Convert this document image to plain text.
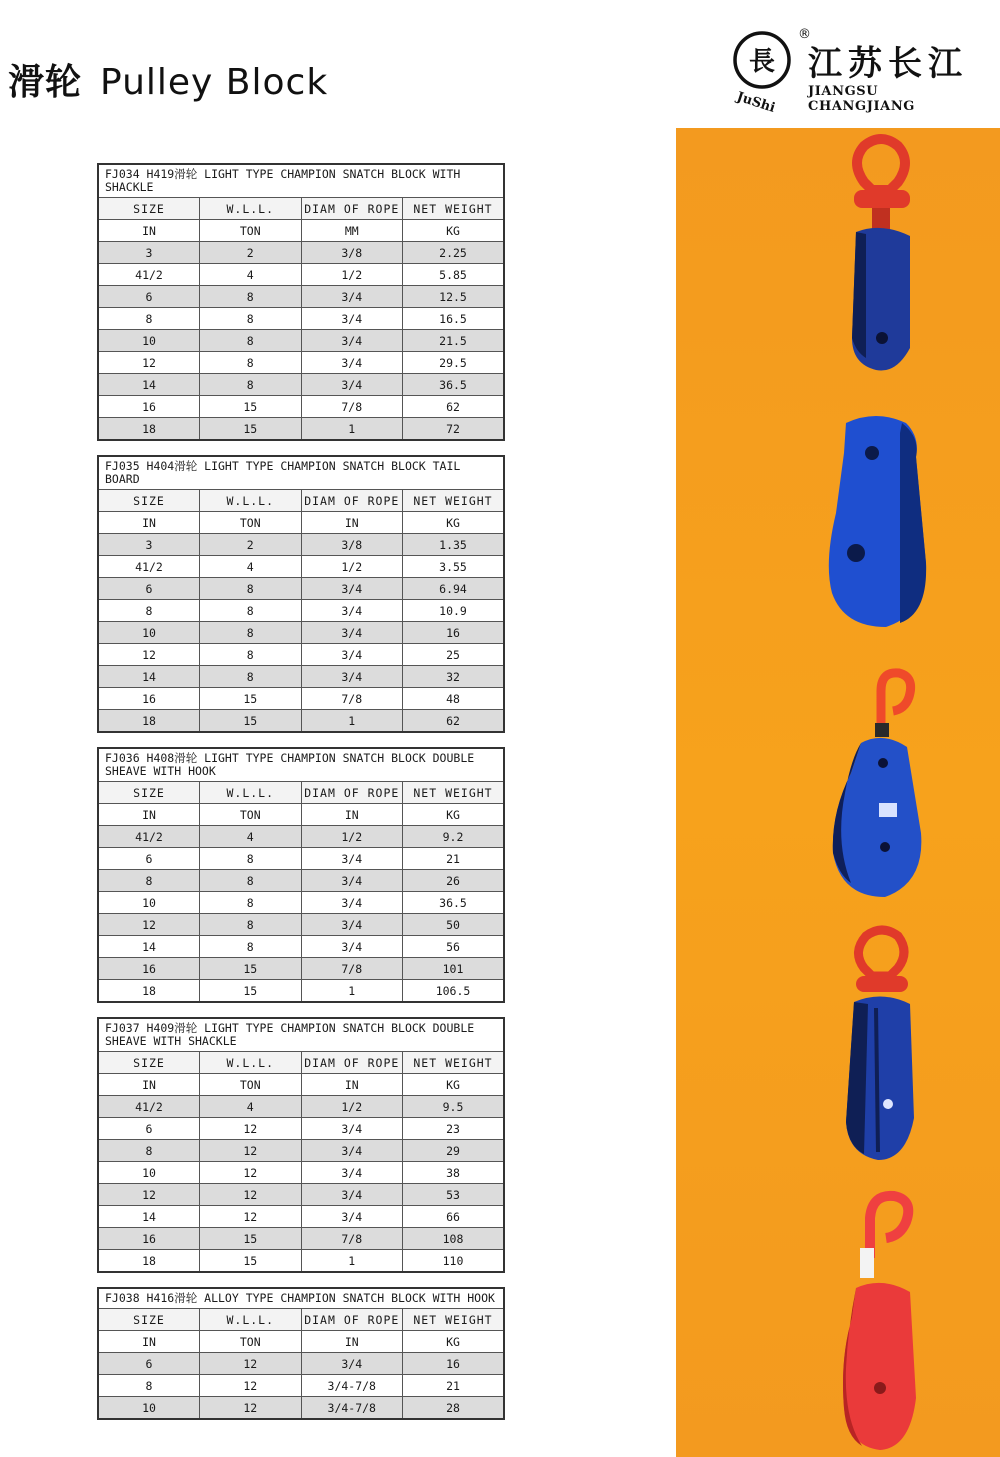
滑轮 Pulley Block	長
JuShi
®
江苏长江
JIANGSU CHANGJIANG
FJ034 H419滑轮 LIGHT TYPE CHAMPION SNATCH BLOCK WITH SHACKLE			
SIZE	W.L.L.	DIAM OF ROPE	NET WEIGHT
IN	TON	MM	KG
3	2	3/8	2.25
41/2	4	1/2	5.85
6	8	3/4	12.5
8	8	3/4	16.5
10	8	3/4	21.5
12	8	3/4	29.5
14	8	3/4	36.5
16	15	7/8	62
18	15	1	72
FJ035 H404滑轮 LIGHT TYPE CHAMPION SNATCH BLOCK TAIL BOARD			
SIZE	W.L.L.	DIAM OF ROPE	NET WEIGHT
IN	TON	IN	KG
3	2	3/8	1.35
41/2	4	1/2	3.55
6	8	3/4	6.94
8	8	3/4	10.9
10	8	3/4	16
12	8	3/4	25
14	8	3/4	32
16	15	7/8	48
18	15	1	62
FJ036 H408滑轮 LIGHT TYPE CHAMPION SNATCH BLOCK DOUBLE SHEAVE WITH HOOK			
SIZE	W.L.L.	DIAM OF ROPE	NET WEIGHT
IN	TON	IN	KG
41/2	4	1/2	9.2
6	8	3/4	21
8	8	3/4	26
10	8	3/4	36.5
12	8	3/4	50
14	8	3/4	56
16	15	7/8	101
18	15	1	106.5
FJ037 H409滑轮 LIGHT TYPE CHAMPION SNATCH BLOCK DOUBLE SHEAVE WITH SHACKLE			
SIZE	W.L.L.	DIAM OF ROPE	NET WEIGHT
IN	TON	IN	KG
41/2	4	1/2	9.5
6	12	3/4	23
8	12	3/4	29
10	12	3/4	38
12	12	3/4	53
14	12	3/4	66
16	15	7/8	108
18	15	1	110
FJ038 H416滑轮 ALLOY TYPE CHAMPION SNATCH BLOCK WITH HOOK			
SIZE	W.L.L.	DIAM OF ROPE	NET WEIGHT
IN	TON	IN	KG
6	12	3/4	16
8	12	3/4-7/8	21
10	12	3/4-7/8	28
